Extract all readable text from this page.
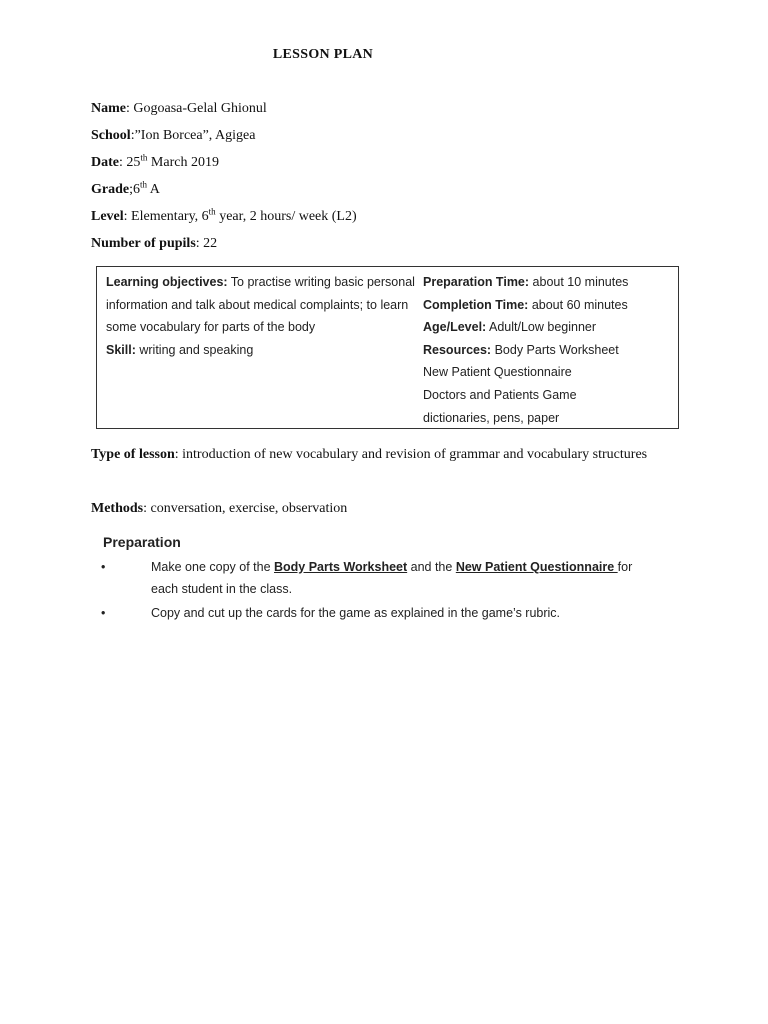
LESSON PLAN
Name: Gogoasa-Gelal Ghionul
School:”Ion Borcea”, Agigea
Date: 25th March 2019
Grade;6th A
Level: Elementary, 6th year, 2 hours/ week (L2)
Number of pupils: 22
Learning objectives: To practise writing basic personal
information and talk about medical complaints; to learn
some vocabulary for parts of the body
Skill: writing and speaking
Preparation Time: about 10 minutes
Completion Time: about 60 minutes
Age/Level: Adult/Low beginner
Resources: Body Parts Worksheet
New Patient Questionnaire
Doctors and Patients Game
dictionaries, pens, paper
Type of lesson: introduction of new vocabulary and revision of grammar and vocabulary structures
Methods: conversation, exercise, observation
Preparation
•	Make one copy of the Body Parts Worksheet and the New Patient Questionnaire for each student in the class.
•	Copy and cut up the cards for the game as explained in the game’s rubric.
